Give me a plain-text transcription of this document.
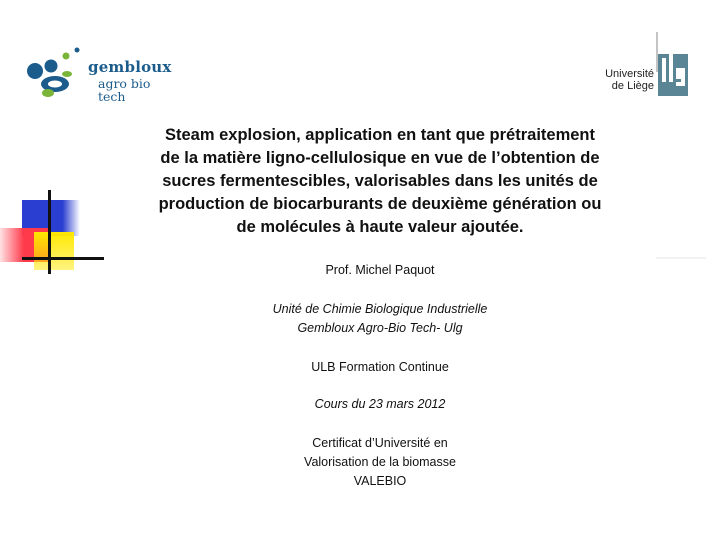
gembloux
agro bio tech
Université
de Liège
Steam explosion, application en tant que prétraitement
de la matière ligno-cellulosique en vue de l’obtention de
sucres fermentescibles, valorisables dans les unités de
production de biocarburants de deuxième génération ou
de molécules à haute valeur ajoutée.

Prof. Michel Paquot

Unité de Chimie Biologique Industrielle
Gembloux Agro-Bio Tech- Ulg

ULB Formation Continue

Cours du 23 mars 2012

Certificat d’Université en
Valorisation de la biomasse
VALEBIO
